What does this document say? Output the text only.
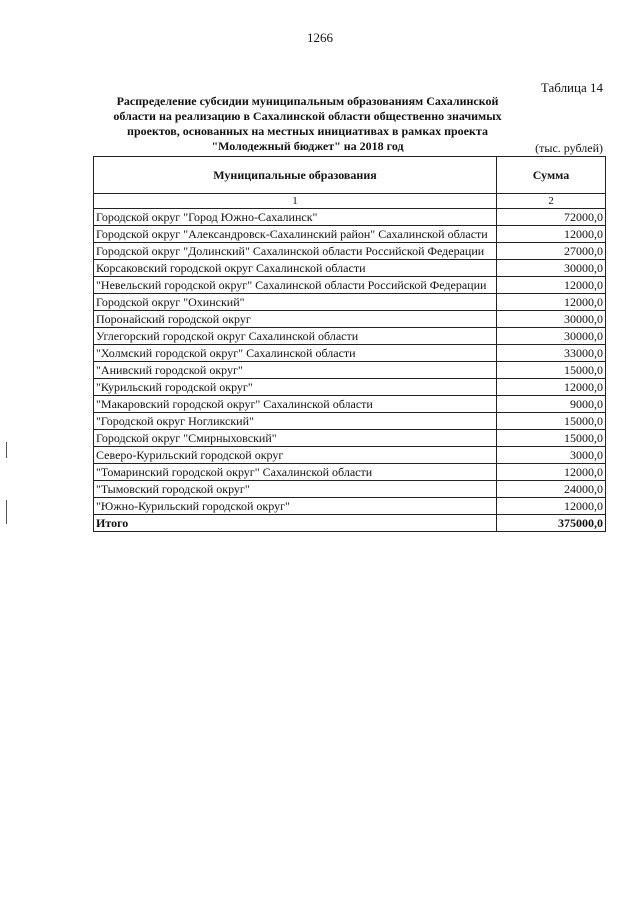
1266
Таблица 14
Распределение субсидии муниципальным образованиям Сахалинской области на реализацию в Сахалинской области общественно значимых проектов, основанных на местных инициативах в рамках проекта "Молодежный бюджет" на 2018 год	(тыс. рублей)
Муниципальные образования	Сумма
1	2
Городской округ "Город Южно-Сахалинск"	72000,0
Городской округ "Александровск-Сахалинский район" Сахалинской области	12000,0
Городской округ "Долинский" Сахалинской области Российской Федерации	27000,0
Корсаковский городской округ Сахалинской области	30000,0
"Невельский городской округ" Сахалинской области Российской Федерации	12000,0
Городской округ "Охинский"	12000,0
Поронайский городской округ	30000,0
Углегорский городской округ Сахалинской области	30000,0
"Холмский городской округ" Сахалинской области	33000,0
"Анивский городской округ"	15000,0
"Курильский городской округ"	12000,0
"Макаровский городской округ" Сахалинской области	9000,0
"Городской округ Ногликский"	15000,0
Городской округ "Смирныховский"	15000,0
Северо-Курильский городской округ	3000,0
"Томаринский городской округ" Сахалинской области	12000,0
"Тымовский городской округ"	24000,0
"Южно-Курильский городской округ"	12000,0
Итого	375000,0
